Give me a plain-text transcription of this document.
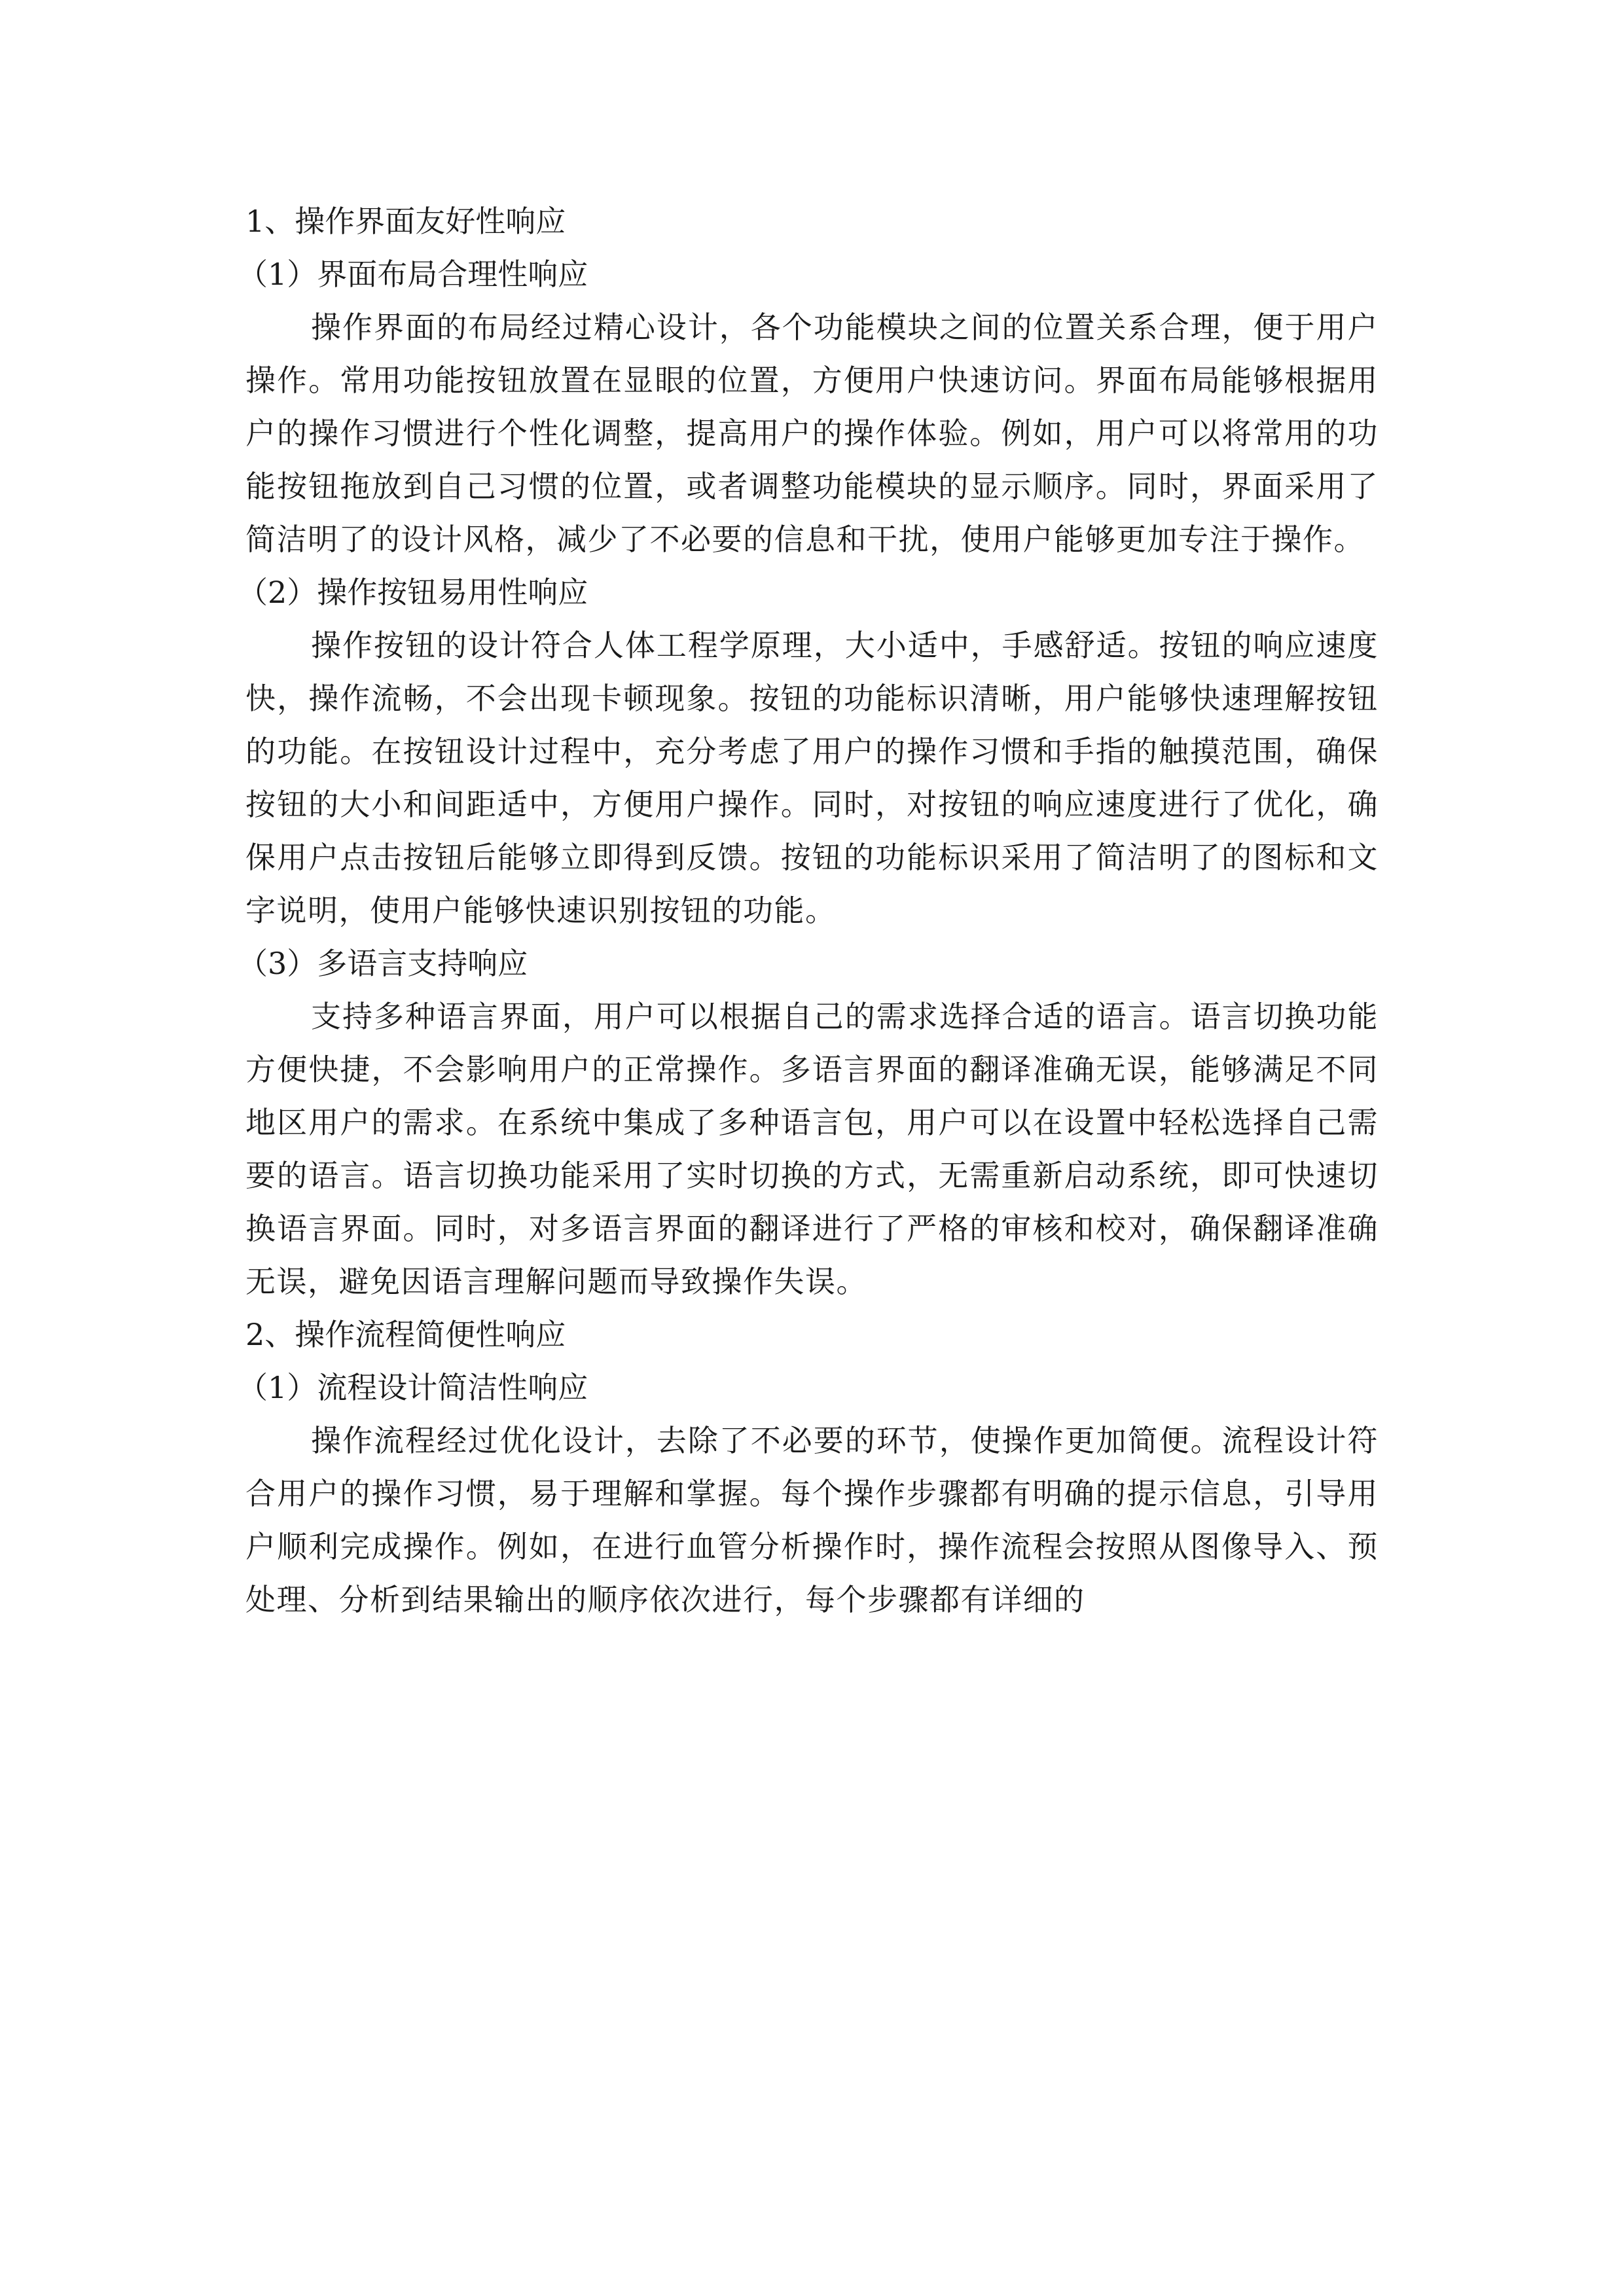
1、操作界面友好性响应

（1）界面布局合理性响应

操作界面的布局经过精心设计，各个功能模块之间的位置关系合理，便于用户操作。常用功能按钮放置在显眼的位置，方便用户快速访问。界面布局能够根据用户的操作习惯进行个性化调整，提高用户的操作体验。例如，用户可以将常用的功能按钮拖放到自己习惯的位置，或者调整功能模块的显示顺序。同时，界面采用了简洁明了的设计风格，减少了不必要的信息和干扰，使用户能够更加专注于操作。

（2）操作按钮易用性响应

操作按钮的设计符合人体工程学原理，大小适中，手感舒适。按钮的响应速度快，操作流畅，不会出现卡顿现象。按钮的功能标识清晰，用户能够快速理解按钮的功能。在按钮设计过程中，充分考虑了用户的操作习惯和手指的触摸范围，确保按钮的大小和间距适中，方便用户操作。同时，对按钮的响应速度进行了优化，确保用户点击按钮后能够立即得到反馈。按钮的功能标识采用了简洁明了的图标和文字说明，使用户能够快速识别按钮的功能。

（3）多语言支持响应

支持多种语言界面，用户可以根据自己的需求选择合适的语言。语言切换功能方便快捷，不会影响用户的正常操作。多语言界面的翻译准确无误，能够满足不同地区用户的需求。在系统中集成了多种语言包，用户可以在设置中轻松选择自己需要的语言。语言切换功能采用了实时切换的方式，无需重新启动系统，即可快速切换语言界面。同时，对多语言界面的翻译进行了严格的审核和校对，确保翻译准确无误，避免因语言理解问题而导致操作失误。

2、操作流程简便性响应

（1）流程设计简洁性响应

操作流程经过优化设计，去除了不必要的环节，使操作更加简便。流程设计符合用户的操作习惯，易于理解和掌握。每个操作步骤都有明确的提示信息，引导用户顺利完成操作。例如，在进行血管分析操作时，操作流程会按照从图像导入、预处理、分析到结果输出的顺序依次进行，每个步骤都有详细的
